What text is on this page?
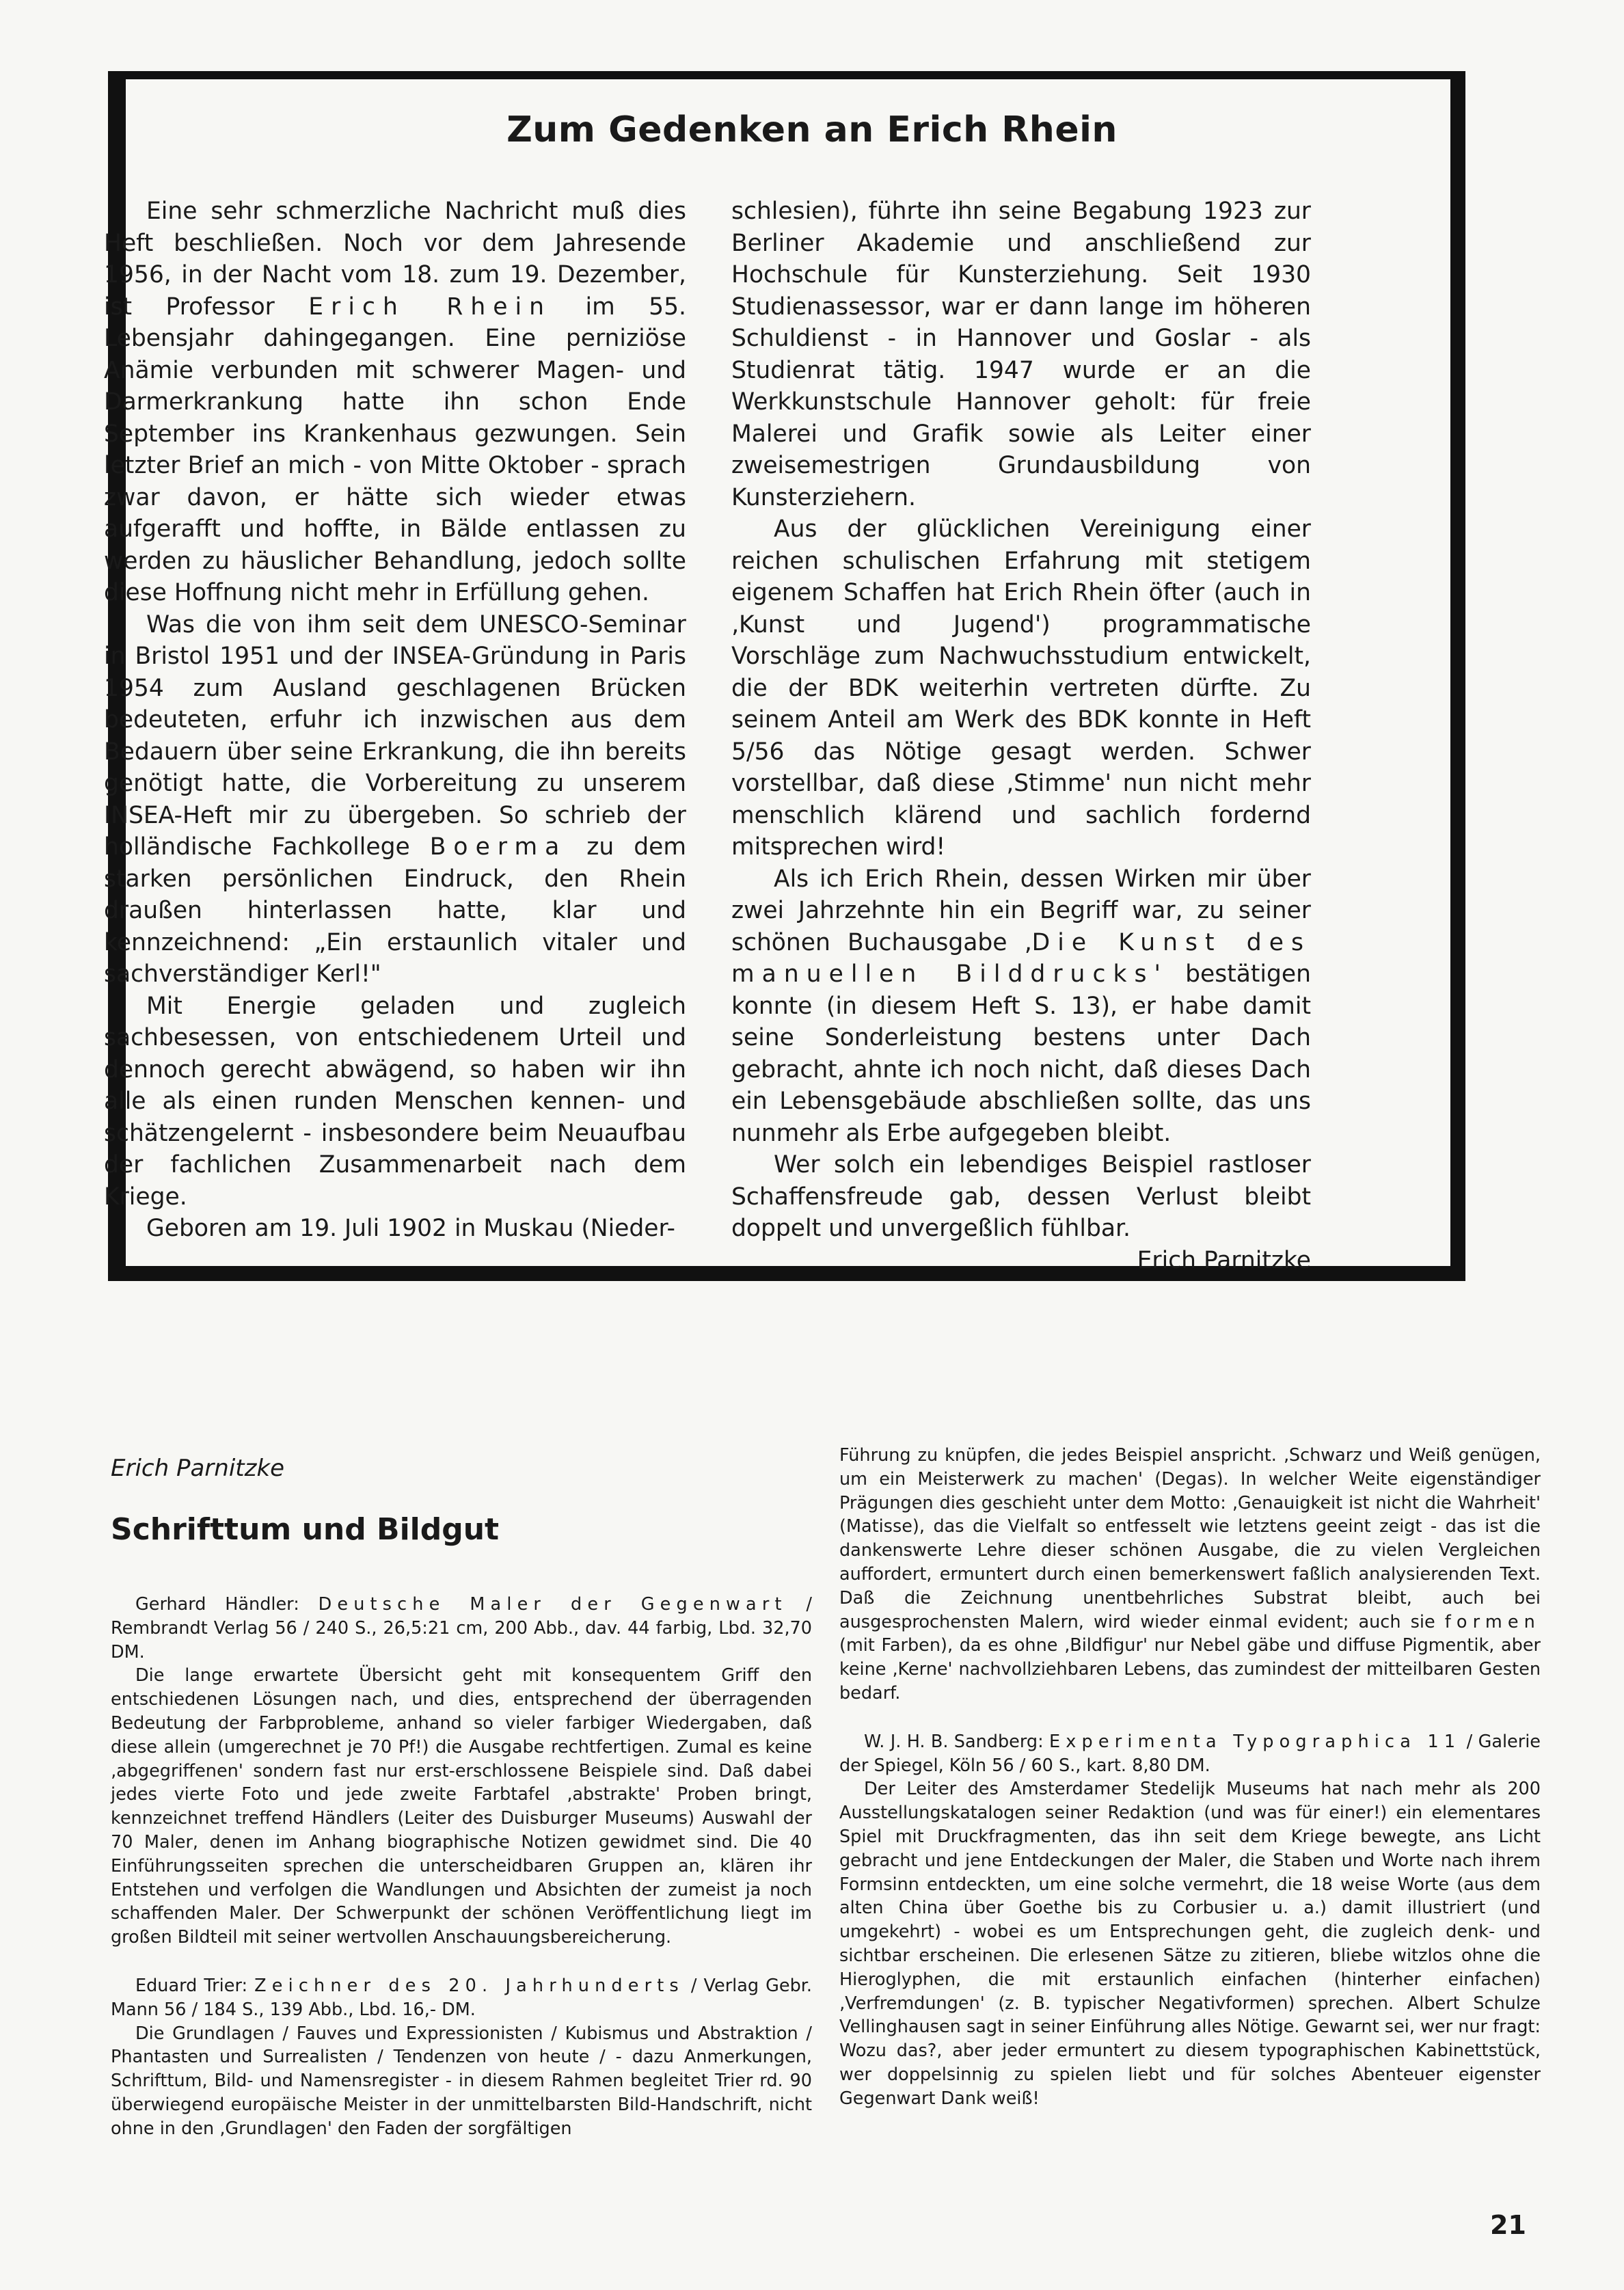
Zum Gedenken an Erich Rhein

Eine sehr schmerzliche Nachricht muß dies Heft beschließen. Noch vor dem Jahresende 1956, in der Nacht vom 18. zum 19. Dezember, ist Professor Erich Rhein im 55. Lebensjahr dahingegangen. Eine perniziöse Anämie verbunden mit schwerer Magen- und Darmerkrankung hatte ihn schon Ende September ins Krankenhaus gezwungen. Sein letzter Brief an mich - von Mitte Oktober - sprach zwar davon, er hätte sich wieder etwas aufgerafft und hoffte, in Bälde entlassen zu werden zu häuslicher Behandlung, jedoch sollte diese Hoffnung nicht mehr in Erfüllung gehen.

Was die von ihm seit dem UNESCO-Seminar in Bristol 1951 und der INSEA-Gründung in Paris 1954 zum Ausland geschlagenen Brücken bedeuteten, erfuhr ich inzwischen aus dem Bedauern über seine Erkrankung, die ihn bereits genötigt hatte, die Vorbereitung zu unserem INSEA-Heft mir zu übergeben. So schrieb der holländische Fachkollege Boerma zu dem starken persönlichen Eindruck, den Rhein draußen hinterlassen hatte, klar und kennzeichnend: „Ein erstaunlich vitaler und sachverständiger Kerl!"

Mit Energie geladen und zugleich sachbesessen, von entschiedenem Urteil und dennoch gerecht abwägend, so haben wir ihn alle als einen runden Menschen kennen- und schätzengelernt - insbesondere beim Neuaufbau der fachlichen Zusammenarbeit nach dem Kriege.

Geboren am 19. Juli 1902 in Muskau (Nieder-

schlesien), führte ihn seine Begabung 1923 zur Berliner Akademie und anschließend zur Hochschule für Kunsterziehung. Seit 1930 Studienassessor, war er dann lange im höheren Schuldienst - in Hannover und Goslar - als Studienrat tätig. 1947 wurde er an die Werkkunstschule Hannover geholt: für freie Malerei und Grafik sowie als Leiter einer zweisemestrigen Grundausbildung von Kunsterziehern.

Aus der glücklichen Vereinigung einer reichen schulischen Erfahrung mit stetigem eigenem Schaffen hat Erich Rhein öfter (auch in ‚Kunst und Jugend') programmatische Vorschläge zum Nachwuchsstudium entwickelt, die der BDK weiterhin vertreten dürfte. Zu seinem Anteil am Werk des BDK konnte in Heft 5/56 das Nötige gesagt werden. Schwer vorstellbar, daß diese ‚Stimme' nun nicht mehr menschlich klärend und sachlich fordernd mitsprechen wird!

Als ich Erich Rhein, dessen Wirken mir über zwei Jahrzehnte hin ein Begriff war, zu seiner schönen Buchausgabe ‚Die Kunst des manuellen Bilddrucks' bestätigen konnte (in diesem Heft S. 13), er habe damit seine Sonderleistung bestens unter Dach gebracht, ahnte ich noch nicht, daß dieses Dach ein Lebensgebäude abschließen sollte, das uns nunmehr als Erbe aufgegeben bleibt.

Wer solch ein lebendiges Beispiel rastloser Schaffensfreude gab, dessen Verlust bleibt doppelt und unvergeßlich fühlbar.
Erich Parnitzke

Erich Parnitzke

Schrifttum und Bildgut

Gerhard Händler: Deutsche Maler der Gegenwart / Rembrandt Verlag 56 / 240 S., 26,5:21 cm, 200 Abb., dav. 44 farbig, Lbd. 32,70 DM.

Die lange erwartete Übersicht geht mit konsequentem Griff den entschiedenen Lösungen nach, und dies, entsprechend der überragenden Bedeutung der Farbprobleme, anhand so vieler farbiger Wiedergaben, daß diese allein (umgerechnet je 70 Pf!) die Ausgabe rechtfertigen. Zumal es keine ‚abgegriffenen' sondern fast nur erst-erschlossene Beispiele sind. Daß dabei jedes vierte Foto und jede zweite Farbtafel ‚abstrakte' Proben bringt, kennzeichnet treffend Händlers (Leiter des Duisburger Museums) Auswahl der 70 Maler, denen im Anhang biographische Notizen gewidmet sind. Die 40 Einführungsseiten sprechen die unterscheidbaren Gruppen an, klären ihr Entstehen und verfolgen die Wandlungen und Absichten der zumeist ja noch schaffenden Maler. Der Schwerpunkt der schönen Veröffentlichung liegt im großen Bildteil mit seiner wertvollen Anschauungsbereicherung.

Eduard Trier: Zeichner des 20. Jahrhunderts / Verlag Gebr. Mann 56 / 184 S., 139 Abb., Lbd. 16,- DM.

Die Grundlagen / Fauves und Expressionisten / Kubismus und Abstraktion / Phantasten und Surrealisten / Tendenzen von heute / - dazu Anmerkungen, Schrifttum, Bild- und Namensregister - in diesem Rahmen begleitet Trier rd. 90 überwiegend europäische Meister in der unmittelbarsten Bild-Handschrift, nicht ohne in den ‚Grundlagen' den Faden der sorgfältigen

Führung zu knüpfen, die jedes Beispiel anspricht. ‚Schwarz und Weiß genügen, um ein Meisterwerk zu machen' (Degas). In welcher Weite eigenständiger Prägungen dies geschieht unter dem Motto: ‚Genauigkeit ist nicht die Wahrheit' (Matisse), das die Vielfalt so entfesselt wie letztens geeint zeigt - das ist die dankenswerte Lehre dieser schönen Ausgabe, die zu vielen Vergleichen auffordert, ermuntert durch einen bemerkenswert faßlich analysierenden Text. Daß die Zeichnung unentbehrliches Substrat bleibt, auch bei ausgesprochensten Malern, wird wieder einmal evident; auch sie formen (mit Farben), da es ohne ‚Bildfigur' nur Nebel gäbe und diffuse Pigmentik, aber keine ‚Kerne' nachvollziehbaren Lebens, das zumindest der mitteilbaren Gesten bedarf.

W. J. H. B. Sandberg: Experimenta Typographica 11 / Galerie der Spiegel, Köln 56 / 60 S., kart. 8,80 DM.

Der Leiter des Amsterdamer Stedelijk Museums hat nach mehr als 200 Ausstellungskatalogen seiner Redaktion (und was für einer!) ein elementares Spiel mit Druckfragmenten, das ihn seit dem Kriege bewegte, ans Licht gebracht und jene Entdeckungen der Maler, die Staben und Worte nach ihrem Formsinn entdeckten, um eine solche vermehrt, die 18 weise Worte (aus dem alten China über Goethe bis zu Corbusier u. a.) damit illustriert (und umgekehrt) - wobei es um Entsprechungen geht, die zugleich denk- und sichtbar erscheinen. Die erlesenen Sätze zu zitieren, bliebe witzlos ohne die Hieroglyphen, die mit erstaunlich einfachen (hinterher einfachen) ‚Verfremdungen' (z. B. typischer Negativformen) sprechen. Albert Schulze Vellinghausen sagt in seiner Einführung alles Nötige. Gewarnt sei, wer nur fragt: Wozu das?, aber jeder ermuntert zu diesem typographischen Kabinettstück, wer doppelsinnig zu spielen liebt und für solches Abenteuer eigenster Gegenwart Dank weiß!

21
